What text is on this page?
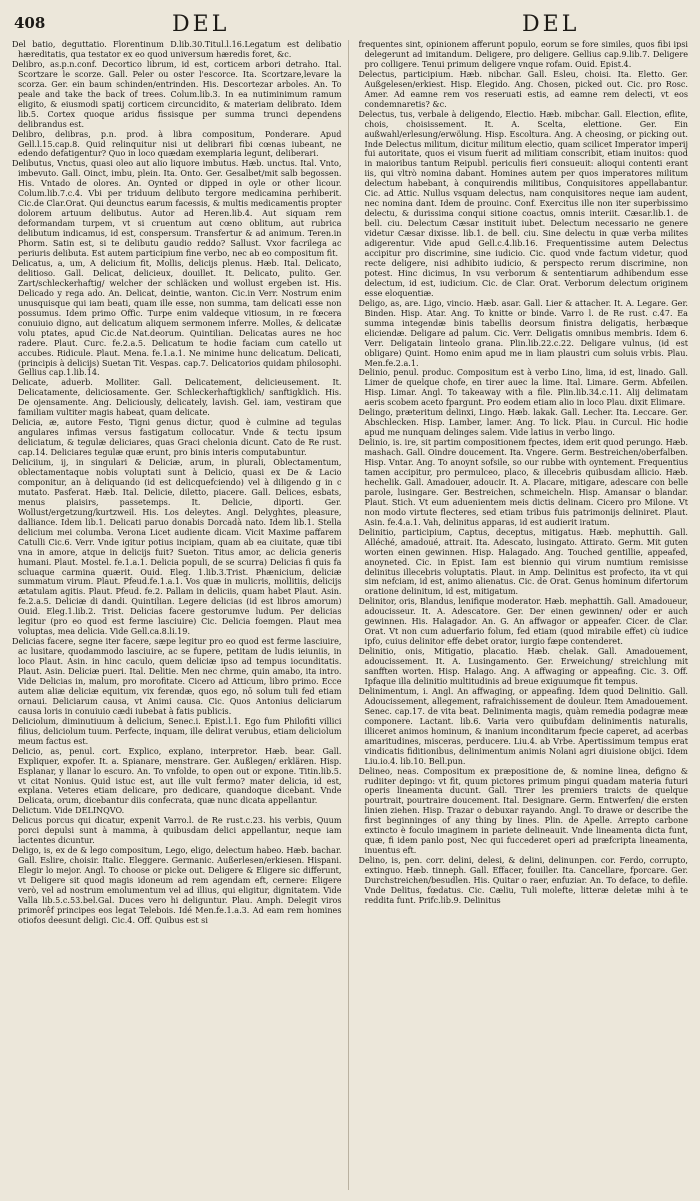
408	DEL	DEL

Del batio, deguttatio. Florentinum D.lib.30.Titul.l.16.Legatum est delibatio hæreditatis, qua testator ex eo quod universum hæredis foret, &c.

Delibro, as.p.n.conf. Decortico librum, id est, corticem arbori detraho. Ital. Scortzare le scorze. Gall. Peler ou oster l'escorce. Ita. Scortzare,levare la scorza. Ger. ein baum schinden/entrinden. His. Descortezar arboles. An. To peale and take the back of trees. Colum.lib.3. In ea nutiminimum ramum eligito, & eiusmodi spatij corticem circuncidito, & materiam delibrato. Idem lib.5. Cortex quoque aridus fissisque per summa trunci dependens delibrandus est.

Delibro, delibras, p.n. prod. à libra compositum, Ponderare. Apud Gell.l.15.cap.8. Quid relinquitur nisi ut delibrari fibi cœnas iubeant, ne edendo defatigentur? Quo in loco quædam exemplaria legunt, deliberari.

Delibutus, Vnctus, quasi oleo aut alio liquore imbutus. Hæb. unctus. Ital. Vnto, imbevuto. Gall. Oinct, imbu, plein. Ita. Onto. Ger. Gesalbet/mit salb begossen. His. Vntado de olores. An. Oynted or dipped in oyle or other licour. Colum.lib.7.c.4. Vbi per triduum delibuto tergore medicamina perhiberit. Cic.de Clar.Orat. Qui deunctus earum facessis, & multis medicamentis propter dolorem artuum delibutus. Autor ad Heren.lib.4. Aut siquam rem deformandam turpem, vt si cruentum aut cœno oblitum, aut rubrica delibutum indicamus, id est, conspersum. Transfertur & ad animum. Teren.in Phorm. Satin est, si te delibutu gaudio reddo? Sallust. Vxor facrilega ac periuris delibuta. Est autem participium fine verbo, nec ab eo compositum fit.

Delicatus, a, um, A delicium fit, Mollis, delicijs plenus. Hæb. Ital. Delicato, delitioso. Gall. Delicat, delicieux, douillet. It. Delicato, pulito. Ger. Zart/schleckerhaftig/ welcher der schläcken und wollust ergeben ist. His. Delicado y rega ado. An. Delicat, deintie, wanton. Cic.in Verr. Nostrum enim unusquisque qui iam beati, quam ille esse, non summa, tam delicati esse non possumus. Idem primo Offic. Turpe enim valdeque vitiosum, in re fœcera conuiuio digno, aut delicatum aliquem sermonem inferre. Molles, & delicatæ volu ptates, apud Cic.de Nat.deorum. Quintilian. Delicatas aures ne hoc radere. Plaut. Curc. fe.2.a.5. Delicatum te hodie faciam cum catello ut accubes. Ridicule. Plaut. Mena. fe.1.a.1. Ne minime hunc delicatum. Delicati, (principis à delicijs) Suetan Tit. Vespas. cap.7. Delicatorios quidam philosophi. Gellius cap.1.lib.14.

Delicate, aduerb. Molliter. Gall. Delicatement, delicieusement. It. Delicatamente, deliciosamente. Ger. Schleckerhaftigklich/ sanftigklich. His. De ojensamente. Ang. Deliciously, delicately, lavish. Gel. iam, vestiram que familiam vultiter magis habeat, quam delicate.

Delicia, æ, autore Festo, Tigni genus dictur, quod è culmine ad tegulas angulares infimas versus fastigatum collocatur. Vnde & tectu ipsum deliciatum, & tegulæ deliciares, quas Graci chelonia dicunt. Cato de Re rust. cap.14. Deliciares tegulæ quæ erunt, pro binis interis computabuntur.

Deliciium, ij, in singulari & Deliciæ, arum, in plurali, Oblectamentum, oblectamentaque nobis voluptati sunt à Delicio, quasi ex De & Lacio componitur, an à deliquando (id est delicquefciendo) vel à diligendo g in c mutato. Pasferat. Hæb. Ital. Delicie, diletto, piacere. Gall. Delices, esbats, menus plaisirs, passetemps. It. Delicie, diporti. Ger. Wollust/ergetzung/kurtzweil. His. Los deleytes. Angl. Delyghtes, pleasure, dalliance. Idem lib.1. Delicati paruo donabis Dorcadà nato. Idem lib.1. Stella delicium mei columba. Verona Licet audiente dicam. Vicit Maxime paffarem Catulli Cic.6. Verr. Vnde igitur potius incipiam, quam ab ea ciuitate, quæ tibi vna in amore, atque in delicijs fuit? Sueton. Titus amor, ac delicia generis humani. Plaut. Mostel. fe.1.a.1. Delicia populi, de se scurra) Delicias fi quis fa scluaque carmina quærit. Ouid. Eleg. 1.lib.3.Trist. Phænicium, deliciæ summatum virum. Plaut. Pfeud.fe.1.a.1. Vos quæ in mulicris, mollitiis, delicijs ætatulam agitis. Plaut. Pfeud. fe.2. Pallam in deliciis, quam habet Plaut. Asin. fe.2.a.5. Deliciæ di dandi. Quintilian. Legere delicias (id est libros amorum) Ouid. Eleg.1.lib.2. Trist. Delicias facere gestorumve ludum. Per delicias legitur (pro eo quod est ferme lasciuire) Cic. Delicia foemgen. Plaut mea voluptas, mea delicia. Vide Gell.ca.8.li.19.

Delicias facere, segne iter facere, sæpe legitur pro eo quod est ferme lasciuire, ac lusitare, quodammodo lasciuire, ac se fupere, petitam de ludis ieiuniis, in loco Plaut. Asin. in hinc caculo, quem deliciæ ipso ad tempus iocunditatis. Plaut. Asin. Deliciæ pueri. Ital. Delitie. Men nec chrme, quin amabo, ita intro. Vide Delicias in, malum, pro morofitate. Cicero ad Atticum, libro primo. Ecce autem aliæ deliciæ equitum, vix ferendæ, quos ego, nō solum tuli fed etiam ornaui. Deliciarum causa, vt Animi causa. Cic. Quos Antonius deliciarum causa loris in conuiuio cædi iubebat à fatis publicis.

Deliciolum, diminutiuum à delicium, Senec.i. Epist.l.1. Ego fum Philofiti villici filius, deliciolum tuum. Perfecte, inquam, ille delirat verubus, etiam deliciolum meum factus est.

Delicio, as, penul. cort. Explico, explano, interpretor. Hæb. bear. Gall. Expliquer, expofer. It. a. Spianare, menstrare. Ger. Außlegen/ erklären. Hisp. Esplanar, y llanar lo escuro. An. To vnfolde, to open out or expone. Titin.lib.5. vt citat Nonius. Quid istuc est, aut ille vult fermo? mater delicia, id est, explana. Veteres etiam delicare, pro dedicare, quandoque dicebant. Vnde Delicata, orum, dicebantur diis confecrata, quæ nunc dicata appellantur.

Delictum. Vide DELINQVO.

Delicus porcus qui dicatur, expenit Varro.l. de Re rust.c.23. his verbis, Quum porci depulsi sunt à mamma, à quibusdam delici appellantur, neque iam lactentes dicuntur.

Deligo, is, ex de & lego compositum, Lego, eligo, delectum habeo. Hæb. bachar. Gall. Eslire, choisir. Italic. Eleggere. Germanic. Außerlesen/erkiesen. Hispani. Elegir lo mejor. Angl. To choose or picke out. Deligere & Eligere sic differunt, vt Deligere sit quod magis idoneum ad rem agendam eft, cernere: Eligere verò, vel ad nostrum emolumentum vel ad illius, qui eligitur, dignitatem. Vide Valla lib.5.c.53.bel.Gal. Duces vero hi deliguntur. Plau. Amph. Delegit viros primorêf principes eos legat Telebois. Idé Men.fe.1.a.3. Ad eam rem homines otiofos deesunt deligi. Cic.4. Off. Quibus est si

frequentes sint, opinionem afferunt populo, eorum se fore similes, quos fibi ipsi delegerunt ad imitandum. Deligere, pro deligere. Gellius cap.9.lib.7. Deligere pro colligere. Tenui primum deligere vnque rofam. Ouid. Epist.4.

Delectus, participium. Hæb. nibchar. Gall. Esleu, choisi. Ita. Eletto. Ger. Außgelesen/erkiest. Hisp. Elegido. Ang. Chosen, picked out. Cic. pro Rosc. Amer. Ad eamne rem vos reseruati estis, ad eamne rem delecti, vt eos condemnaretis? &c.

Delectus, tus, verbale à deligendo, Electio. Hæb. mibchar. Gall. Election, eflite, chois, choisissement. It. A. Scelta, elettione. Ger. Ein außwahl/erlesung/erwölung. Hisp. Escoltura. Ang. A cheosing, or picking out. Inde Delectus militum, dicitur militum electio, quam scilicet Imperator imperij fui autoritate, quos ei visum fuerit ad militiam conscribit, etiam inuitos: quod in maioribus tantum Reipubl. periculis fieri consueuit: alioqui contenti erant iis, qui vltrò nomina dabant. Homines autem per quos imperatores militum delectum habebant, à conquirendis militibus, Conquisitores appellabantur. Cic. ad Attic. Nullus vsquam delectus, nam conquisitores neque iam audent, nec nomina dant. Idem de prouinc. Conf. Exercitus ille non iter superbissimo delectu, & durissima conqui sitione coactus, omnis interiit. Cæsar.lib.1. de bell. ciu. Delectum Cæsar instituit iubet. Delectum necessario ne genere videtur Cæsar dixisse. lib.1. de bell. ciu. Sine delectu in quæ verba milites adigerentur. Vide apud Gell.c.4.lib.16. Frequentissime autem Delectus accipitur pro discrimine, sine iudicio. Cic. quod vnde factum videtur, quod recte deligere, nisi adhibito iudicio, & perspecto rerum discrimine, non potest. Hinc dicimus, In vsu verborum & sententiarum adhibendum esse delectum, id est, iudicium. Cic. de Clar. Orat. Verborum delectum originem esse eloquentiæ.

Deligo, as, are. Ligo, vincio. Hæb. asar. Gall. Lier & attacher. It. A. Legare. Ger. Binden. Hisp. Atar. Ang. To knitte or binde. Varro l. de Re rust. c.47. Ea summa integendæ binis tabellis deorsum finistra deligatis, herbæque eliciendæ. Deligare ad palum. Cic. Verr. Deligatis omnibus membris. Idem 6. Verr. Deligatain linteolo grana. Plin.lib.22.c.22. Deligare vulnus, (id est obligare) Quint. Homo enim apud me in liam plaustri cum soluis vrbis. Plau. Men.fe.2.a.1.

Delinio, penul. produc. Compositum est à verbo Lino, lima, id est, linado. Gall. Limer de quelque chofe, en tirer auec la lime. Ital. Limare. Germ. Abfeilen. Hisp. Limar. Angl. To takeaway with a file. Plin.lib.34.c.11. Alij delimatam aeris scobem aceto fpargunt. Pro eodem etiam alio in loco Plau. dixit Elimare.

Delingo, præteritum delinxi, Lingo. Hæb. lakak. Gall. Lecher. Ita. Leccare. Ger. Abschlecken. Hisp. Lamber, lamer. Ang. To lick. Plau. in Curcul. Hic hodie apud me nunquam delinges salem. Vide latius in verbo lingo.

Delinio, is. ire, sit partim compositionem fpectes, idem erit quod perungo. Hæb. mashach. Gall. Oindre doucement. Ita. Vngere. Germ. Bestreichen/oberfalben. Hisp. Vntar. Ang. To anoynt sofsile, so our rubbe with oyntement. Frequentius tamen accipitur, pro permulceo, placo, & illecebris quibusdam allicio. Hæb. hechelik. Gall. Amadouer, adoucir. It. A. Placare, mitigare, adescare con belle parole, lusingare. Ger. Bestreichen, schmeicheln. Hisp. Amansar o blandar. Plaut. Stich. Vt eum aduenientem meis dictis delinam. Cicero pro Milone. Vt non modo virtute flecteres, sed etiam tribus fuis patrimonijs deliniret. Plaut. Asin. fe.4.a.1. Vah, delinitus apparas, id est audierit iratum.

Delinitio, participium, Captus, deceptus, mitigatus. Hæb. mephuttih. Gall. Alléché, amadoué, attrait. Ita. Adescato, lusingato. Attirato. Germ. Mit guten worten einen gewinnen. Hisp. Halagado. Ang. Touched gentillie, appeafed, anoyneted. Cic. in Epist. Iam est biennio qui virum numtium remisisse delinitus illecebris voluptatis. Plaut. in Amp. Delinitus est profecto, ita vt qui sim nefciam, id est, animo alienatus. Cic. de Orat. Genus hominum difertorum oratione delinitum, id est, mitigatum.

Delinitor, oris, Blandus, lenifique moderator. Hæb. mephattih. Gall. Amadoueur, adoucisseur. It. A. Adescatore. Ger. Der einen gewinnen/ oder er auch gewinnen. His. Halagador. An. G. An affwagor or appeafer. Cicer. de Clar. Orat. Vt non cum aduerfario folum, fed etiam (quod mirabile effet) cù iudice ipfo, cuius delinitor effe debet orator, iurgio fæpe contenderet.

Delinitio, onis, Mitigatio, placatio. Hæb. chelak. Gall. Amadouement, adoucissement. It. A. Lusingamento. Ger. Erweichung/ streichlung mit sanfften worten. Hisp. Halago. Ang. A affwaging or appeafing. Cic. 3. Off. Ipfaque illa delinitio multitudinis ad breue exiguumque fit tempus.

Delinimentum, i. Angl. An affwaging, or appeafing. Idem quod Delinitio. Gall. Adoucissement, allegement, rafraichissement de douleur. Item Amadouement. Senec. cap.17. de vita beat. Delinimenta magis, quàm remedia podagræ meæ componere. Lactant. lib.6. Varia vero quibufdam delinimentis naturalis, illiceret animos hominum, & inanium inconditarum fpecie caperet, ad acerbas amaritudines, misceras, perducere. Liu.4. ab Vrbe. Apertissimum tempus erat vindicatis fiditionibus, delinimentum animis Nolani agri diuisione obijci. Idem Liu.io.4. lib.10. Bell.pun.

Delineo, neas. Compositum ex præpositione de, & nomine linea, defigno & rudiiter depingo: vt fit, quum pictores primum pingui quadam materia futuri operis lineamenta ducunt. Gall. Tirer les premiers traicts de quelque pourtrait, pourtraire doucement. Ital. Designare. Germ. Entwerfen/ die ersten linien ziehen. Hisp. Trazar o debuxar rayando. Angl. To drawe or describe the first beginninges of any thing by lines. Plin. de Apelle. Arrepto carbone extincto è foculo imaginem in pariete delineauit. Vnde lineamenta dicta funt, quæ, fi idem panlo post, Nec qui fuccederet operi ad præfcripta lineamenta, inuentus eft.

Delino, is, pen. corr. delini, delesi, & delini, delinunpen. cor. Ferdo, corrupto, extinguo. Hæb. tinneph. Gall. Effacer, fouiller. Ita. Cancellare, fporcare. Ger. Durchstreichen/besudlen. His. Quitar o raer, enfuziar. An. To deface, to defile. Vnde Delitus, fœdatus. Cic. Cæliu, Tuli molefte, litteræ deletæ mihi à te reddita funt. Prifc.lib.9. Delinitus
